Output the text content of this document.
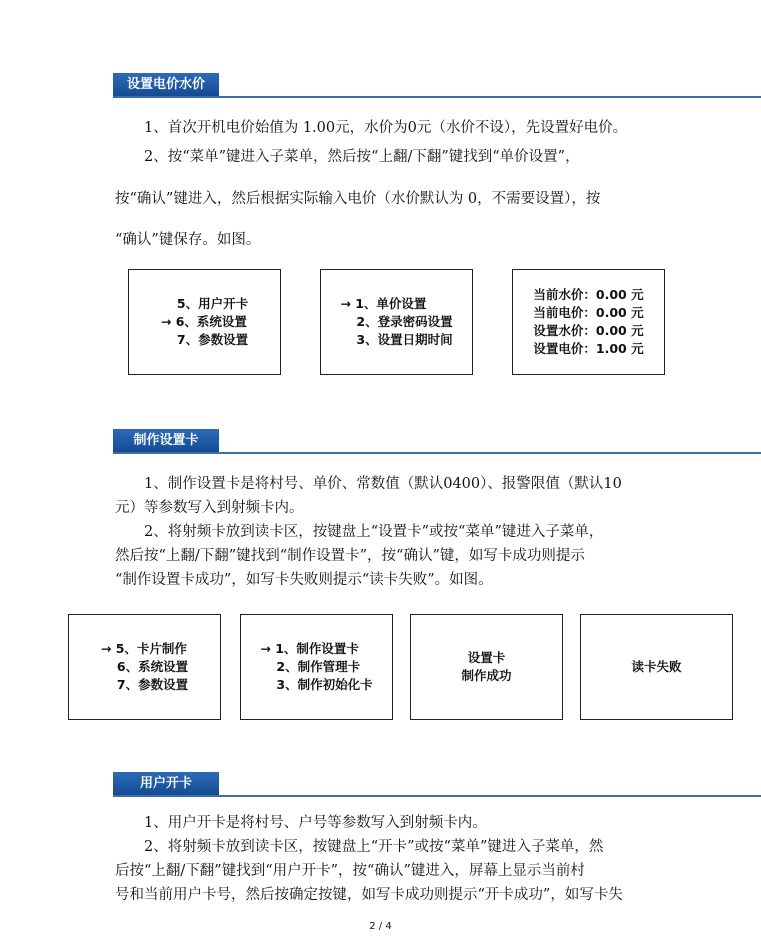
设置电价水价

　　1、首次开机电价始值为 1.00元，水价为0元（水价不设），先设置好电价。

　　2、按“菜单”键进入子菜单，然后按“上翻/下翻”键找到“单价设置”，

按“确认”键进入，然后根据实际输入电价（水价默认为 0，不需要设置），按

“确认”键保存。如图。

5、用户开卡
→ 6、系统设置
7、参数设置
→ 1、单价设置
2、登录密码设置
3、设置日期时间
当前水价：0.00 元
当前电价：0.00 元
设置水价：0.00 元
设置电价：1.00 元
制作设置卡

　　1、制作设置卡是将村号、单价、常数值（默认0400）、报警限值（默认10

元）等参数写入到射频卡内。

　　2、将射频卡放到读卡区，按键盘上“设置卡”或按“菜单”键进入子菜单，

然后按“上翻/下翻”键找到“制作设置卡”，按“确认”键，如写卡成功则提示

“制作设置卡成功”，如写卡失败则提示“读卡失败”。如图。

→ 5、卡片制作
6、系统设置
7、参数设置
→ 1、制作设置卡
2、制作管理卡
3、制作初始化卡
设置卡
制作成功
读卡失败
用户开卡

　　1、用户开卡是将村号、户号等参数写入到射频卡内。

　　2、将射频卡放到读卡区，按键盘上“开卡”或按“菜单”键进入子菜单，然

后按“上翻/下翻”键找到“用户开卡”，按“确认”键进入，屏幕上显示当前村

号和当前用户卡号，然后按确定按键，如写卡成功则提示“开卡成功”，如写卡失

2 / 4
